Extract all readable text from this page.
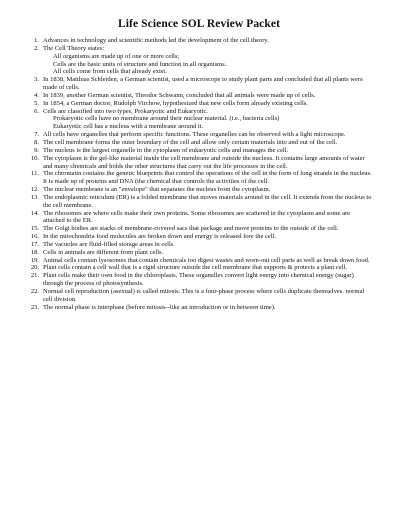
Life Science SOL Review Packet
1. Advances in technology and scientific methods led the development of the cell theory.
2. The Cell Theory states:
All organisms are made up of one or more cells;
Cells are the basic units of structure and function in all organisms.
All cells come from cells that already exist.
3. In 1838, Matthias Schleiden, a German scientist, used a microscope to study plant parts and concluded that all plants were made of cells.
4. In 1839, another German scientist, Theodor Schwann, concluded that all animals were made up of cells.
5. In 1854, a German doctor, Rudolph Virchow, hypothesized that new cells form already existing cells.
6. Cells are classified into two types, Prokaryotic and Eukaryotic.
Prokaryotic cells have no membrane around their nuclear material. (i.e., bacteria cells)
Eukaryotic cell has a nucleus with a membrane around it.
7. All cells have organelles that perform specific functions. These organelles can be observed with a light microscope.
8. The cell membrane forms the outer boundary of the cell and allow only certain materials into and out of the cell.
9. The nucleus is the largest organelle in the cytoplasm of eukaryotic cells and manages the cell.
10. The cytoplasm is the gel-like material inside the cell membrane and outside the nucleus. It contains large amounts of water and many chemicals and holds the other structures that carry out the life processes in the cell.
11. The chromatin contains the genetic blueprints that control the operations of the cell in the form of long strands in the nucleus. It is made up of proteins and DNA (the chemical that controls the activities of the cell.
12. The nuclear membrane is an "envelope" that separates the nucleus from the cytoplasm.
13. The endoplasmic reticulum (ER) is a folded membrane that moves materials around in the cell. It extends from the nucleus to the cell membrane.
14. The ribosomes are where cells make their own proteins. Some ribosomes are scattered in the cytoplasm and some are attached to the ER.
15. The Golgi bodies are stacks of membrane-covered sacs that package and move proteins to the outside of the cell.
16. In the mitochondria food molecules are broken down and energy is released fore the cell.
17. The vacuoles are fluid-filled storage areas in cells.
18. Cells in animals are different from plant cells.
19. Animal cells contain lysosomes that contain chemicals too digest wastes and worn-out cell parts as well as break down food.
20. Plant cells contain a cell wall that is a rigid structure outside the cell membrane that supports & protects a plant cell.
21. Plant cells make their own food in the chloroplasts. These organelles convert light energy into chemical energy (sugar) through the process of photosynthesis.
22. Normal cell reproduction (asexual) is called mitosis. This is a four-phase process where cells duplicate themselves. normal cell division.
23. The normal phase is interphase (before mitosis--like an introduction or in between time).
